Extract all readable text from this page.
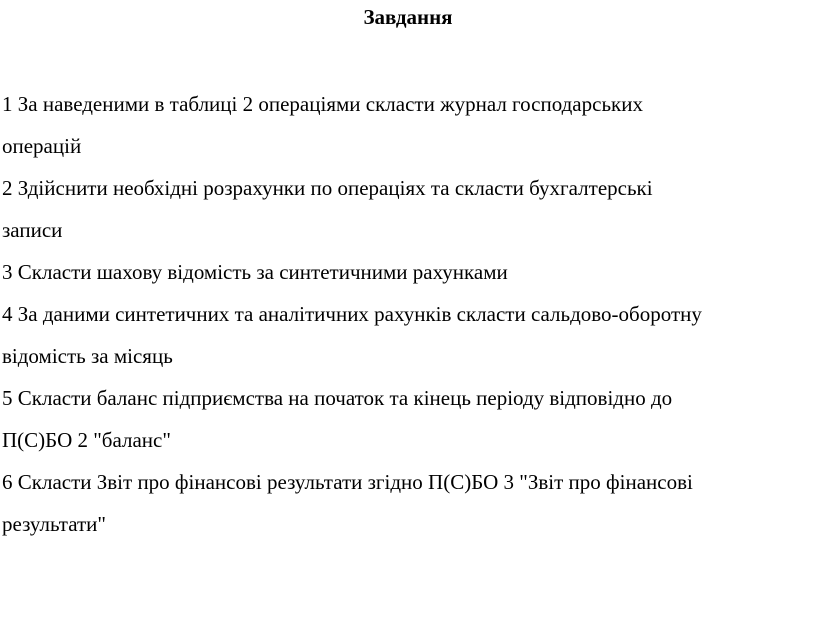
Завдання
1 За наведеними в таблиці 2 операціями скласти журнал господарських
операцій
2 Здійснити необхідні розрахунки по операціях та скласти бухгалтерські
записи
3 Скласти шахову відомість за синтетичними рахунками
4 За даними синтетичних та аналітичних рахунків скласти сальдово-оборотну
відомість за місяць
5 Скласти баланс підприємства на початок та кінець періоду відповідно до
П(С)БО 2 "баланс"
6 Скласти Звіт про фінансові результати згідно П(С)БО 3 "Звіт про фінансові
результати"
